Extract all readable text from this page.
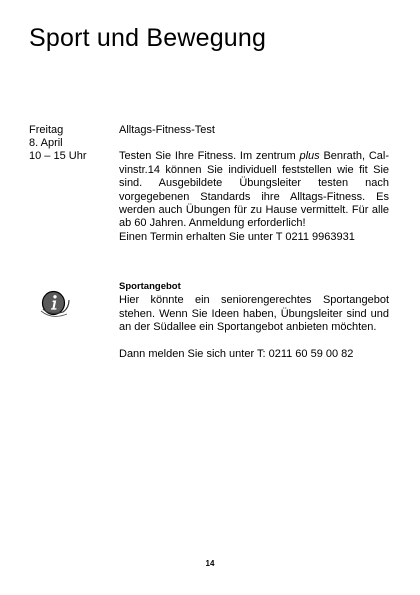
Sport und Bewegung
Freitag
8. April
10 – 15 Uhr
Alltags-Fitness-Test

Testen Sie Ihre Fitness. Im zentrum plus Benrath, Calvinstr.14 können Sie individuell feststellen wie fit Sie sind. Ausgebildete Übungsleiter testen nach vorgegebenen Standards ihre Alltags-Fitness. Es werden auch Übungen für zu Hause vermittelt. Für alle ab 60 Jahren. Anmeldung erforderlich!

Einen Termin erhalten Sie unter T 0211 9963931

Sportangebot

Hier könnte ein seniorengerechtes Sportangebot stehen. Wenn Sie Ideen haben, Übungsleiter sind und an der Südallee ein Sportangebot anbieten möchten.

Dann melden Sie sich unter T: 0211 60 59 00 82

14
